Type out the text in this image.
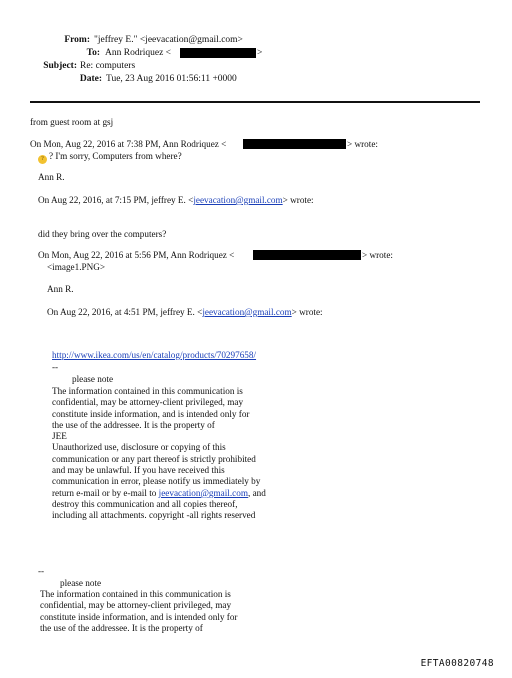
From: "jeffrey E." <jeevacation@gmail.com>
To: Ann Rodriquez <	>
Subject: Re: computers
Date: Tue, 23 Aug 2016 01:56:11 +0000
from guest room at gsj
On Mon, Aug 22, 2016 at 7:38 PM, Ann Rodriquez <	> wrote:
? ? I'm sorry, Computers from where?
Ann R.
On Aug 22, 2016, at 7:15 PM, jeffrey E. <jeevacation@gmail.com> wrote:
did they bring over the computers?
On Mon, Aug 22, 2016 at 5:56 PM, Ann Rodriquez <	> wrote:
<image1.PNG>
Ann R.
On Aug 22, 2016, at 4:51 PM, jeffrey E. <jeevacation@gmail.com> wrote:
http://www.ikea.com/us/en/catalog/products/70297658/
--
please note
The information contained in this communication is
confidential, may be attorney-client privileged, may
constitute inside information, and is intended only for
the use of the addressee. It is the property of
JEE
Unauthorized use, disclosure or copying of this
communication or any part thereof is strictly prohibited
and may be unlawful. If you have received this
communication in error, please notify us immediately by
return e-mail or by e-mail to jeevacation@gmail.com, and
destroy this communication and all copies thereof,
including all attachments. copyright -all rights reserved
--
please note
The information contained in this communication is
confidential, may be attorney-client privileged, may
constitute inside information, and is intended only for
the use of the addressee. It is the property of
EFTA00820748
